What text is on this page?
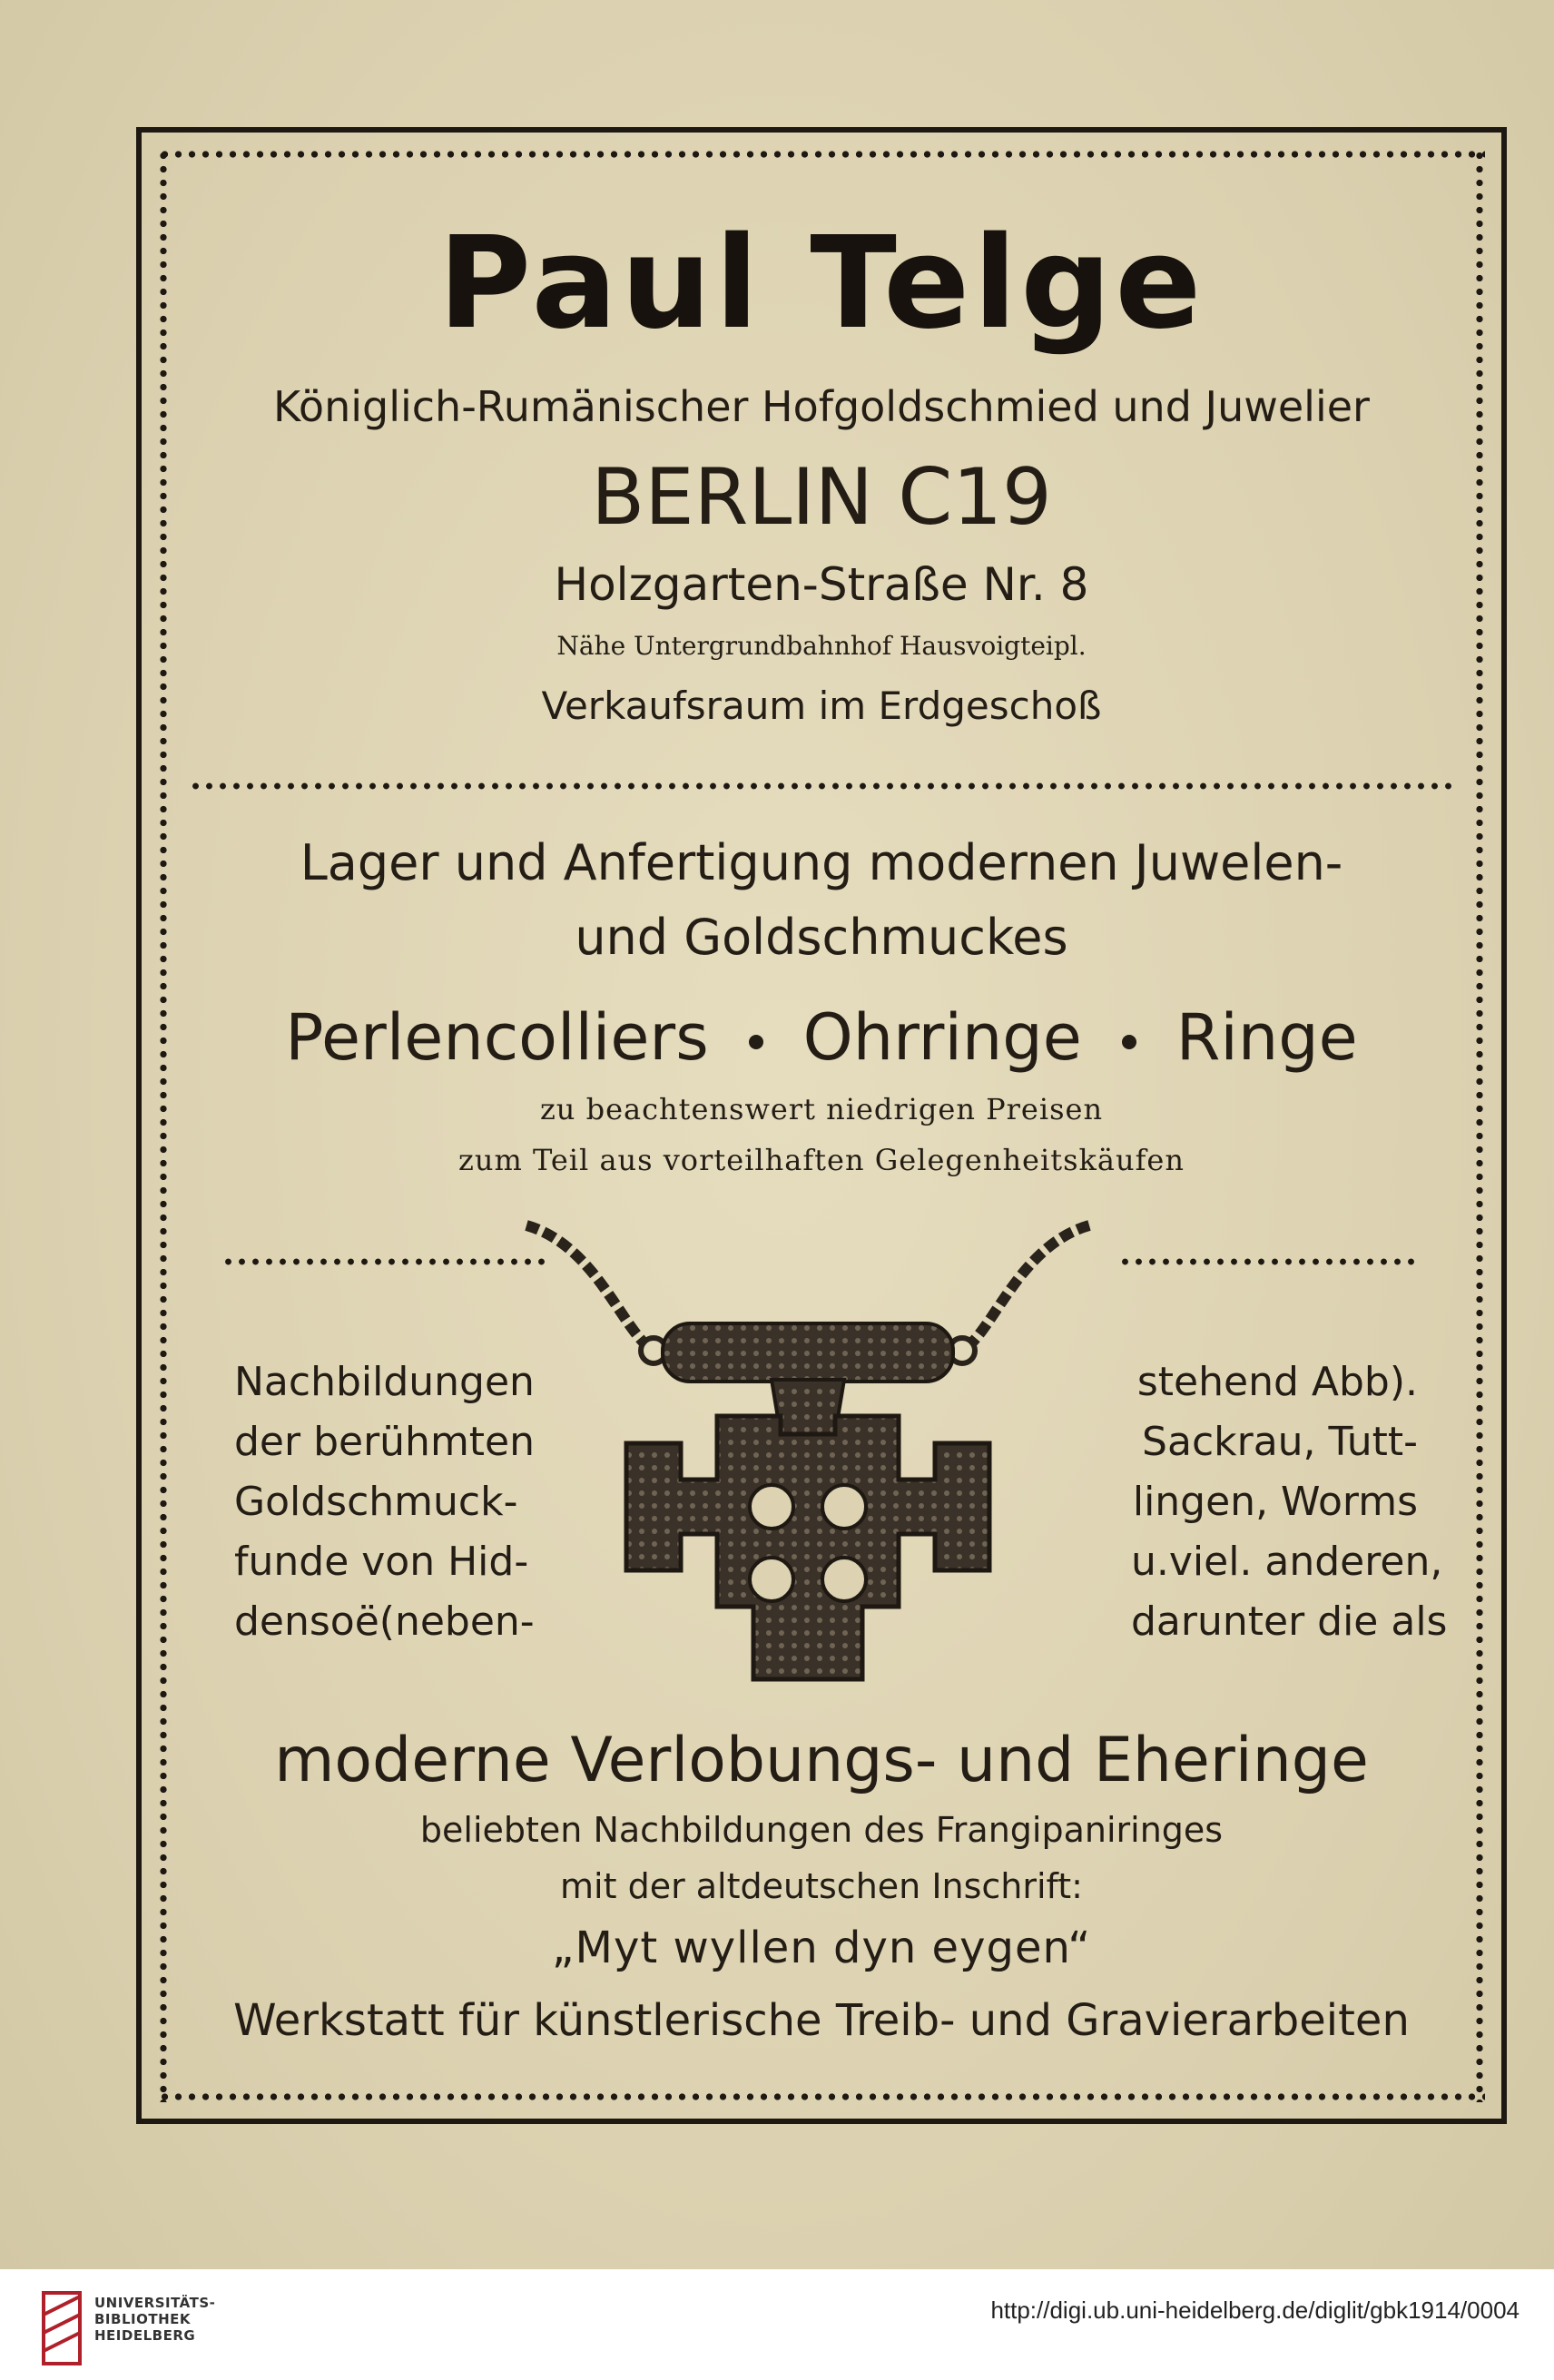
Paul Telge
Königlich-Rumänischer Hofgoldschmied und Juwelier
BERLIN C19
Holzgarten-Straße Nr. 8
Nähe Untergrundbahnhof Hausvoigteipl.
Verkaufsraum im Erdgeschoß
Lager und Anfertigung modernen Juwelen-
und Goldschmuckes
Perlencolliers Ohrringe Ringe
zu beachtenswert niedrigen Preisen
zum Teil aus vorteilhaften Gelegenheitskäufen
Nachbildungen
der berühmten
Goldschmuck-
funde von Hid-
densoë(neben-
stehend Abb).
Sackrau, Tutt-
lingen, Worms
u.viel. anderen,
darunter die als
moderne Verlobungs- und Eheringe
beliebten Nachbildungen des Frangipaniringes
mit der altdeutschen Inschrift:
„Myt wyllen dyn eygen“
Werkstatt für künstlerische Treib- und Gravierarbeiten
UNIVERSITÄTS-
BIBLIOTHEK
HEIDELBERG
http://digi.ub.uni-heidelberg.de/diglit/gbk1914/0004
